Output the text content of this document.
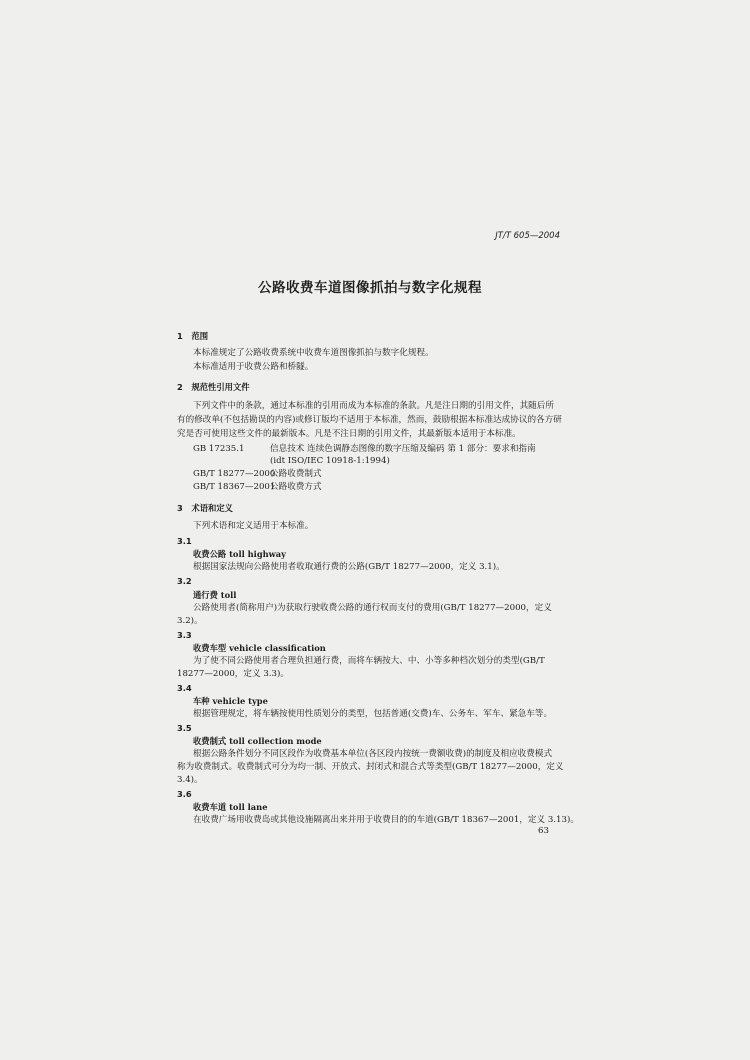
JT/T 605—2004
公路收费车道图像抓拍与数字化规程
1 范围
本标准规定了公路收费系统中收费车道图像抓拍与数字化规程。
本标准适用于收费公路和桥隧。
2 规范性引用文件
下列文件中的条款，通过本标准的引用而成为本标准的条款。凡是注日期的引用文件，其随后所
有的修改单(不包括勘误的内容)或修订版均不适用于本标准，然而，鼓励根据本标准达成协议的各方研
究是否可使用这些文件的最新版本。凡是不注日期的引用文件，其最新版本适用于本标准。
GB 17235.1	信息技术 连续色调静态图像的数字压缩及编码 第 1 部分：要求和指南
(idt ISO/IEC 10918-1:1994)
GB/T 18277—2000
公路收费制式
GB/T 18367—2001
公路收费方式
3 术语和定义
下列术语和定义适用于本标准。
3.1
收费公路 toll highway
根据国家法规向公路使用者收取通行费的公路(GB/T 18277—2000，定义 3.1)。
3.2
通行费 toll
公路使用者(简称用户)为获取行驶收费公路的通行权而支付的费用(GB/T 18277—2000，定义
3.2)。
3.3
收费车型 vehicle classification
为了使不同公路使用者合理负担通行费，而将车辆按大、中、小等多种档次划分的类型(GB/T
18277—2000，定义 3.3)。
3.4
车种 vehicle type
根据管理规定，将车辆按使用性质划分的类型，包括普通(交费)车、公务车、军车、紧急车等。
3.5
收费制式 toll collection mode
根据公路条件划分不同区段作为收费基本单位(各区段内按统一费额收费)的制度及相应收费模式
称为收费制式。收费制式可分为均一制、开放式、封闭式和混合式等类型(GB/T 18277—2000，定义
3.4)。
3.6
收费车道 toll lane
在收费广场用收费岛或其他设施隔离出来并用于收费目的的车道(GB/T 18367—2001，定义 3.13)。
63
